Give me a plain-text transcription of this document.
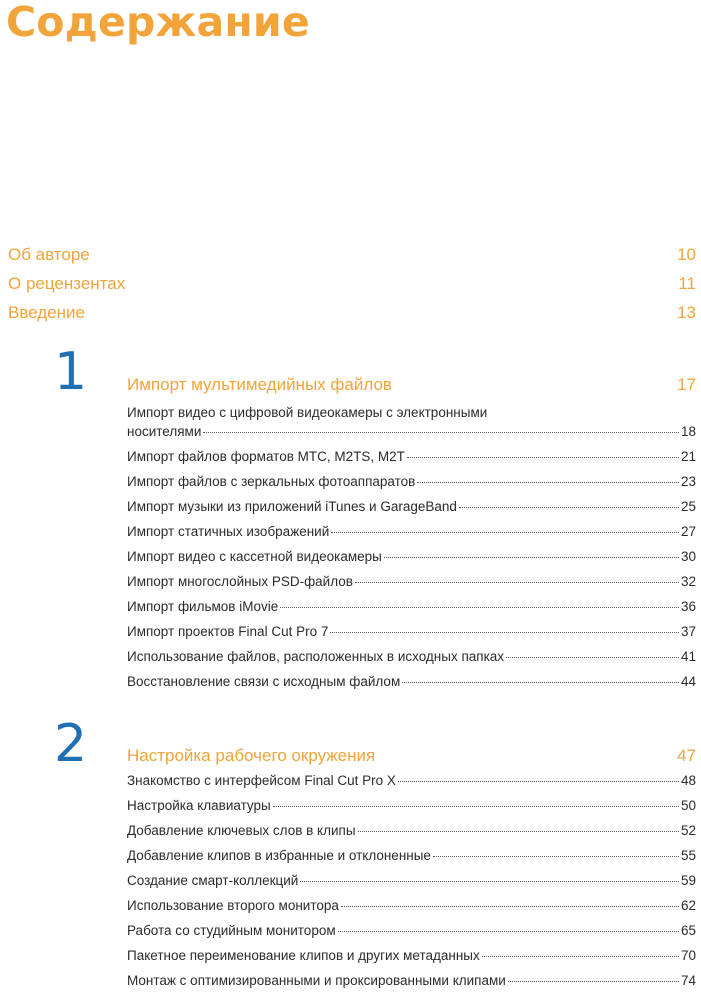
Содержание
Об авторе	10
О рецензентах	11
Введение	13
1 Импорт мультимедийных файлов	17
Импорт видео с цифровой видеокамеры с электронными
носителями	18
Импорт файлов форматов MTC, M2TS, M2T	21
Импорт файлов с зеркальных фотоаппаратов	23
Импорт музыки из приложений iTunes и GarageBand	25
Импорт статичных изображений	27
Импорт видео с кассетной видеокамеры	30
Импорт многослойных PSD-файлов	32
Импорт фильмов iMovie	36
Импорт проектов Final Cut Pro 7	37
Использование файлов, расположенных в исходных папках	41
Восстановление связи с исходным файлом	44
2 Настройка рабочего окружения	47
Знакомство с интерфейсом Final Cut Pro X	48
Настройка клавиатуры	50
Добавление ключевых слов в клипы	52
Добавление клипов в избранные и отклоненные	55
Создание смарт-коллекций	59
Использование второго монитора	62
Работа со студийным монитором	65
Пакетное переименование клипов и других метаданных	70
Монтаж с оптимизированными и проксированными клипами	74
